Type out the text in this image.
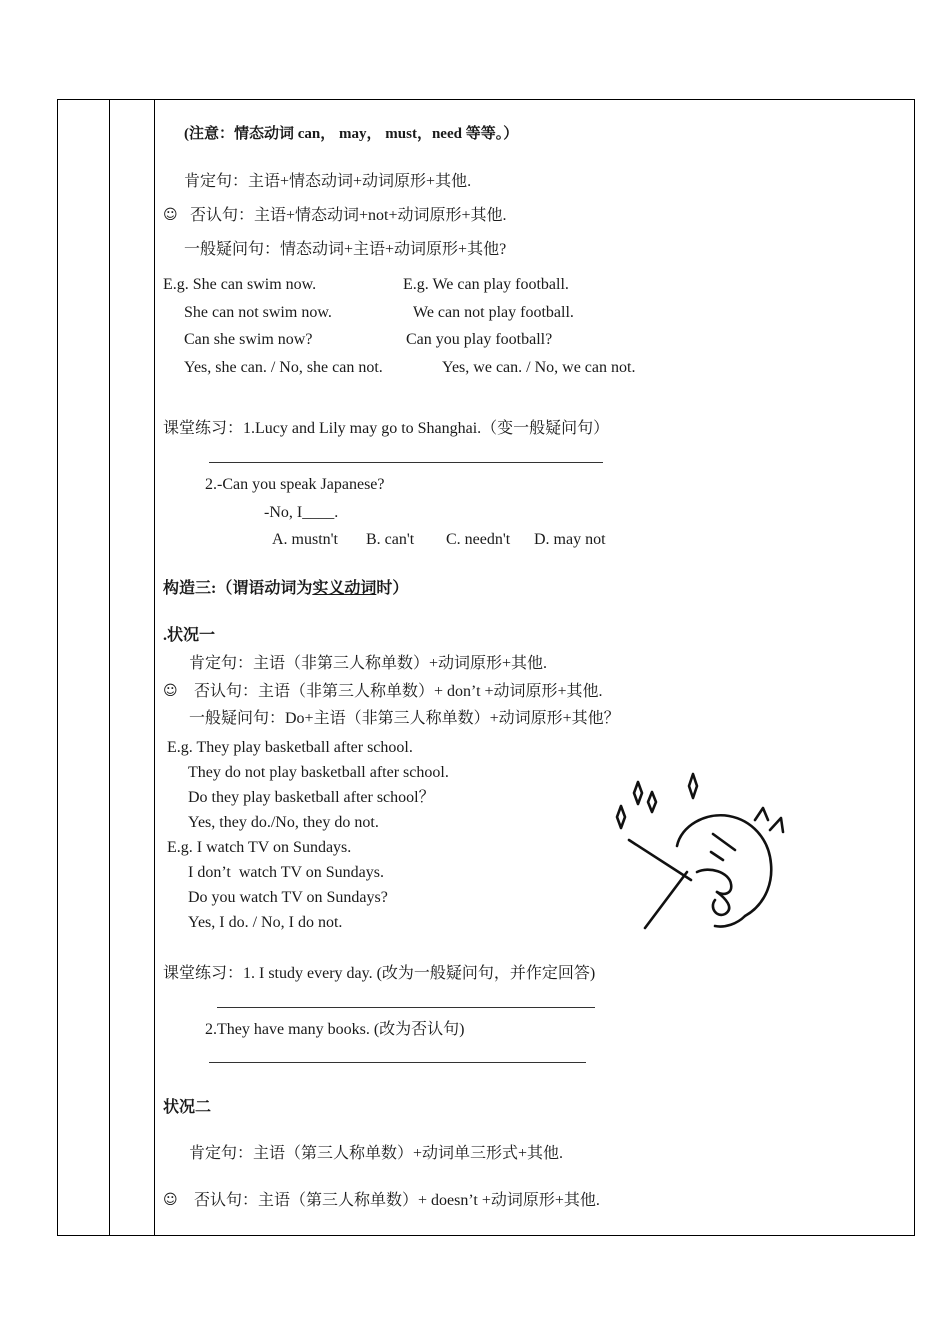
(注意：情态动词 can， may， must，need 等等。）
肯定句：主语+情态动词+动词原形+其他.
☺ 否认句：主语+情态动词+not+动词原形+其他.
一般疑问句：情态动词+主语+动词原形+其他?
E.g. She can swim now.
She can not swim now.
Can she swim now?
Yes, she can. / No, she can not.
E.g. We can play football.
We can not play football.
Can you play football?
Yes, we can. / No, we can not.
课堂练习：1.Lucy and Lily may go to Shanghai.（变一般疑问句）
2.-Can you speak Japanese?
-No, I____.
A. mustn't B. can't C. needn't D. may not
构造三:（谓语动词为实义动词时）
.状况一
肯定句：主语（非第三人称单数）+动词原形+其他.
☺ 否认句：主语（非第三人称单数）+ don’t +动词原形+其他.
一般疑问句：Do+主语（非第三人称单数）+动词原形+其他？
E.g. They play basketball after school.
They do not play basketball after school.
Do they play basketball after school？
Yes, they do./No, they do not.
E.g. I watch TV on Sundays.
I don’t  watch TV on Sundays.
Do you watch TV on Sundays?
Yes, I do. / No, I do not.
课堂练习：1. I study every day. (改为一般疑问句，并作定回答)
2.They have many books. (改为否认句)
状况二
肯定句：主语（第三人称单数）+动词单三形式+其他.
☺ 否认句：主语（第三人称单数）+ doesn’t +动词原形+其他.
